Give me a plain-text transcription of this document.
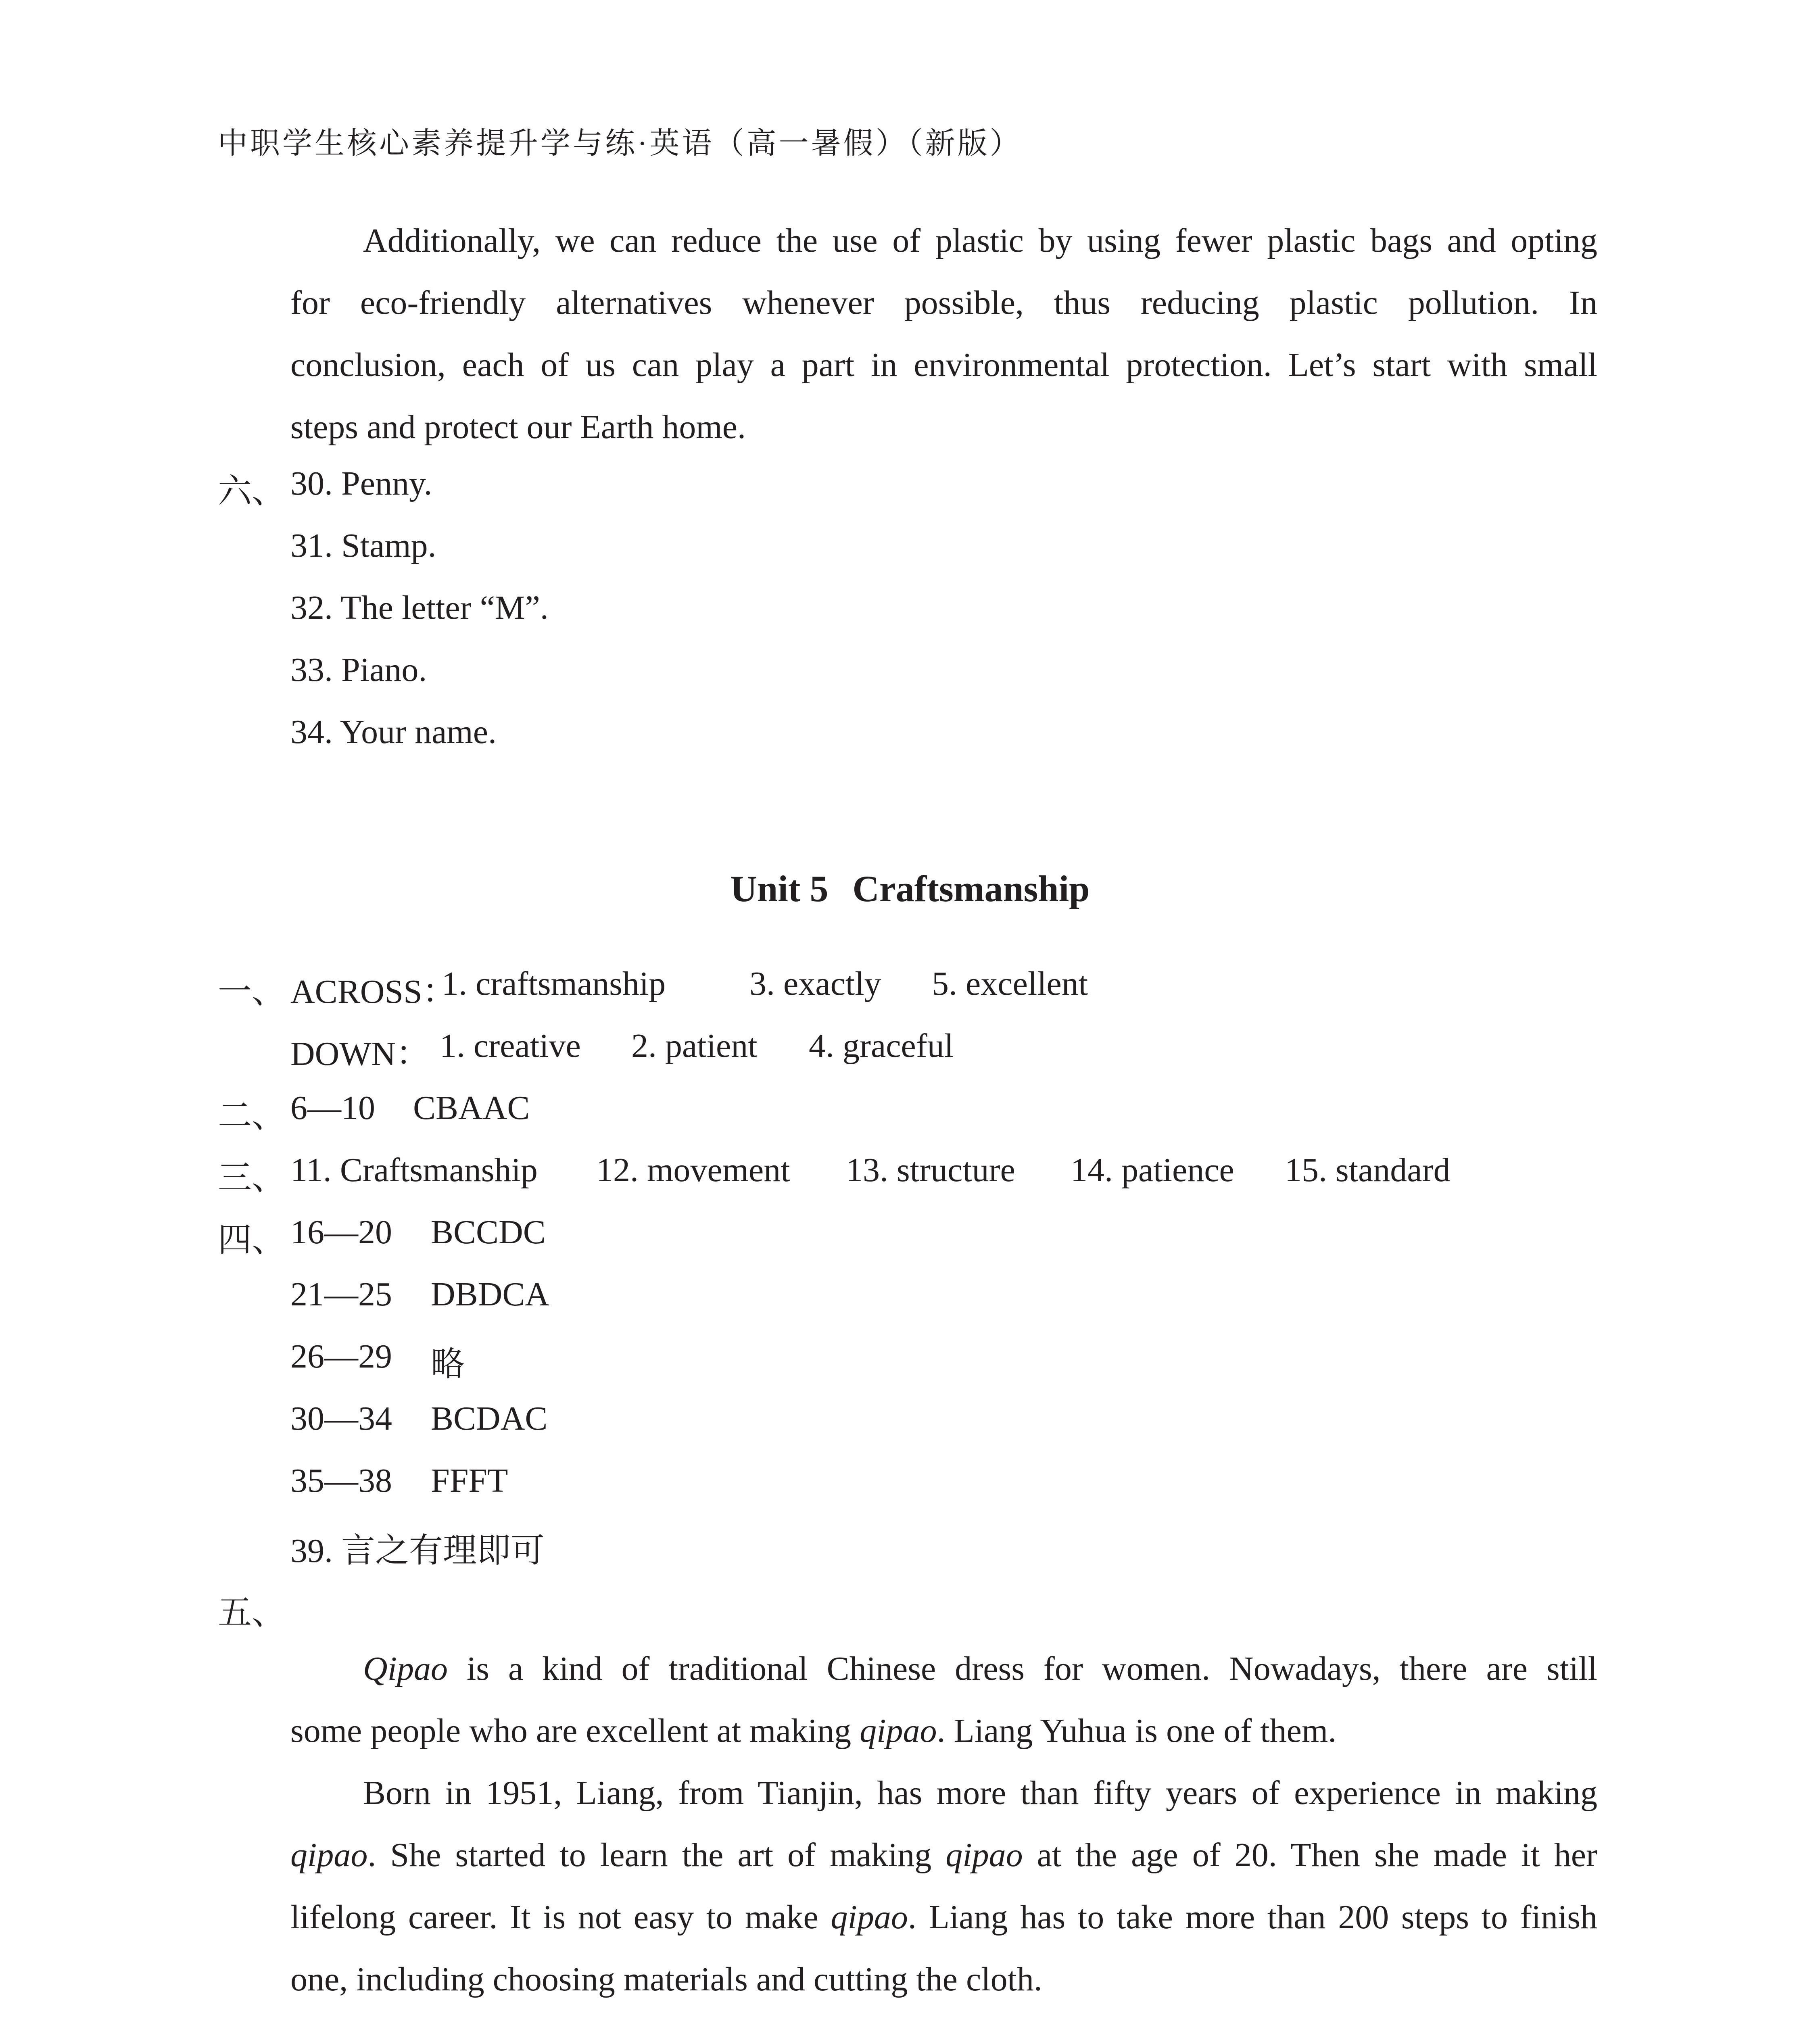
中职学生核心素养提升学与练·英语（高一暑假）（新版）
Additionally, we can reduce the use of plastic by using fewer plastic bags and opting
for eco-friendly alternatives whenever possible, thus reducing plastic pollution. In
conclusion, each of us can play a part in environmental protection. Let’s start with small
steps and protect our Earth home.
六、 30. Penny.
31. Stamp.
32. The letter “M”.
33. Piano.
34. Your name.
Unit 5 Craftsmanship
一、 ACROSS：
1. craftsmanship 3. exactly 5. excellent
DOWN： 1. creative 2. patient 4. graceful
二、 6—10 CBAAC
三、 11. Craftsmanship 12. movement 13. structure 14. patience 15. standard
四、 16—20 BCCDC
21—25 DBDCA
26—29 略
30—34 BCDAC
35—38 FFFT
39. 言之有理即可
五、
Qipao is a kind of traditional Chinese dress for women. Nowadays, there are still
some people who are excellent at making qipao. Liang Yuhua is one of them.
Born in 1951, Liang, from Tianjin, has more than fifty years of experience in making
qipao. She started to learn the art of making qipao at the age of 20. Then she made it her
lifelong career. It is not easy to make qipao. Liang has to take more than 200 steps to finish
one, including choosing materials and cutting the cloth.
